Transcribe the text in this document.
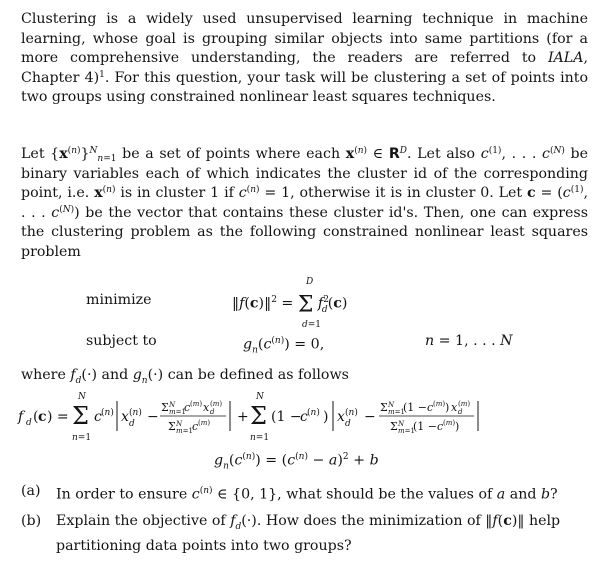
Clustering is a widely used unsupervised learning technique in machine learning, whose goal is grouping similar objects into same partitions (for a more comprehensive understanding, the readers are referred to IALA, Chapter 4)$^1$. For this question, your task will be clustering a set of points into two groups using constrained nonlinear least squares techniques.

Let $\{x^{(n)}\}^N_{n=1}$ be a set of points where each $x^{(n)}$ ∈ $R^D$. Let also $c^{(1)}$, . . . $c^{(N)}$ be binary variables each of which indicates the cluster id of the corresponding point, i.e. $x^{(n)}$ is in cluster 1 if $c^{(n)} = 1$, otherwise it is in cluster 0. Let $c = (c^{(1)}$, . . . $c^{(N)}$) be the vector that contains these cluster id's. Then, one can express the clustering problem as the following constrained nonlinear least squares problem

minimize	‖f(c)‖$^2$ = Σ $f^2_d(c)$
D
d=1
subject to	$g_n(c^{(n)}) = 0$,	n = 1, . . . N
where $f_d(\cdot)$ and $g_n(\cdot)$ can be defined as follows
f d ( c ) =
N
Σ
n=1
c (n) x (n)
d −
Σ N
m=1
c (m) x (m)
d
Σ N
m=1 c (m) +
N
Σ
n=1
(1 −
c (n) ) x (n)
d −
Σ N
m=1
(1 − c (m) ) x (m)
d
Σ N
m=1
(1 − c (m) )
$g_n(c^{(n)}) = (c^{(n)} - a)^2 + b$
(a) In order to ensure $c^{(n)}$ ∈ {0, 1}, what should be the values of a and b?
(b) Explain the objective of $f_d(\cdot)$. How does the minimization of ‖f(c)‖ help partitioning data points into two groups?
